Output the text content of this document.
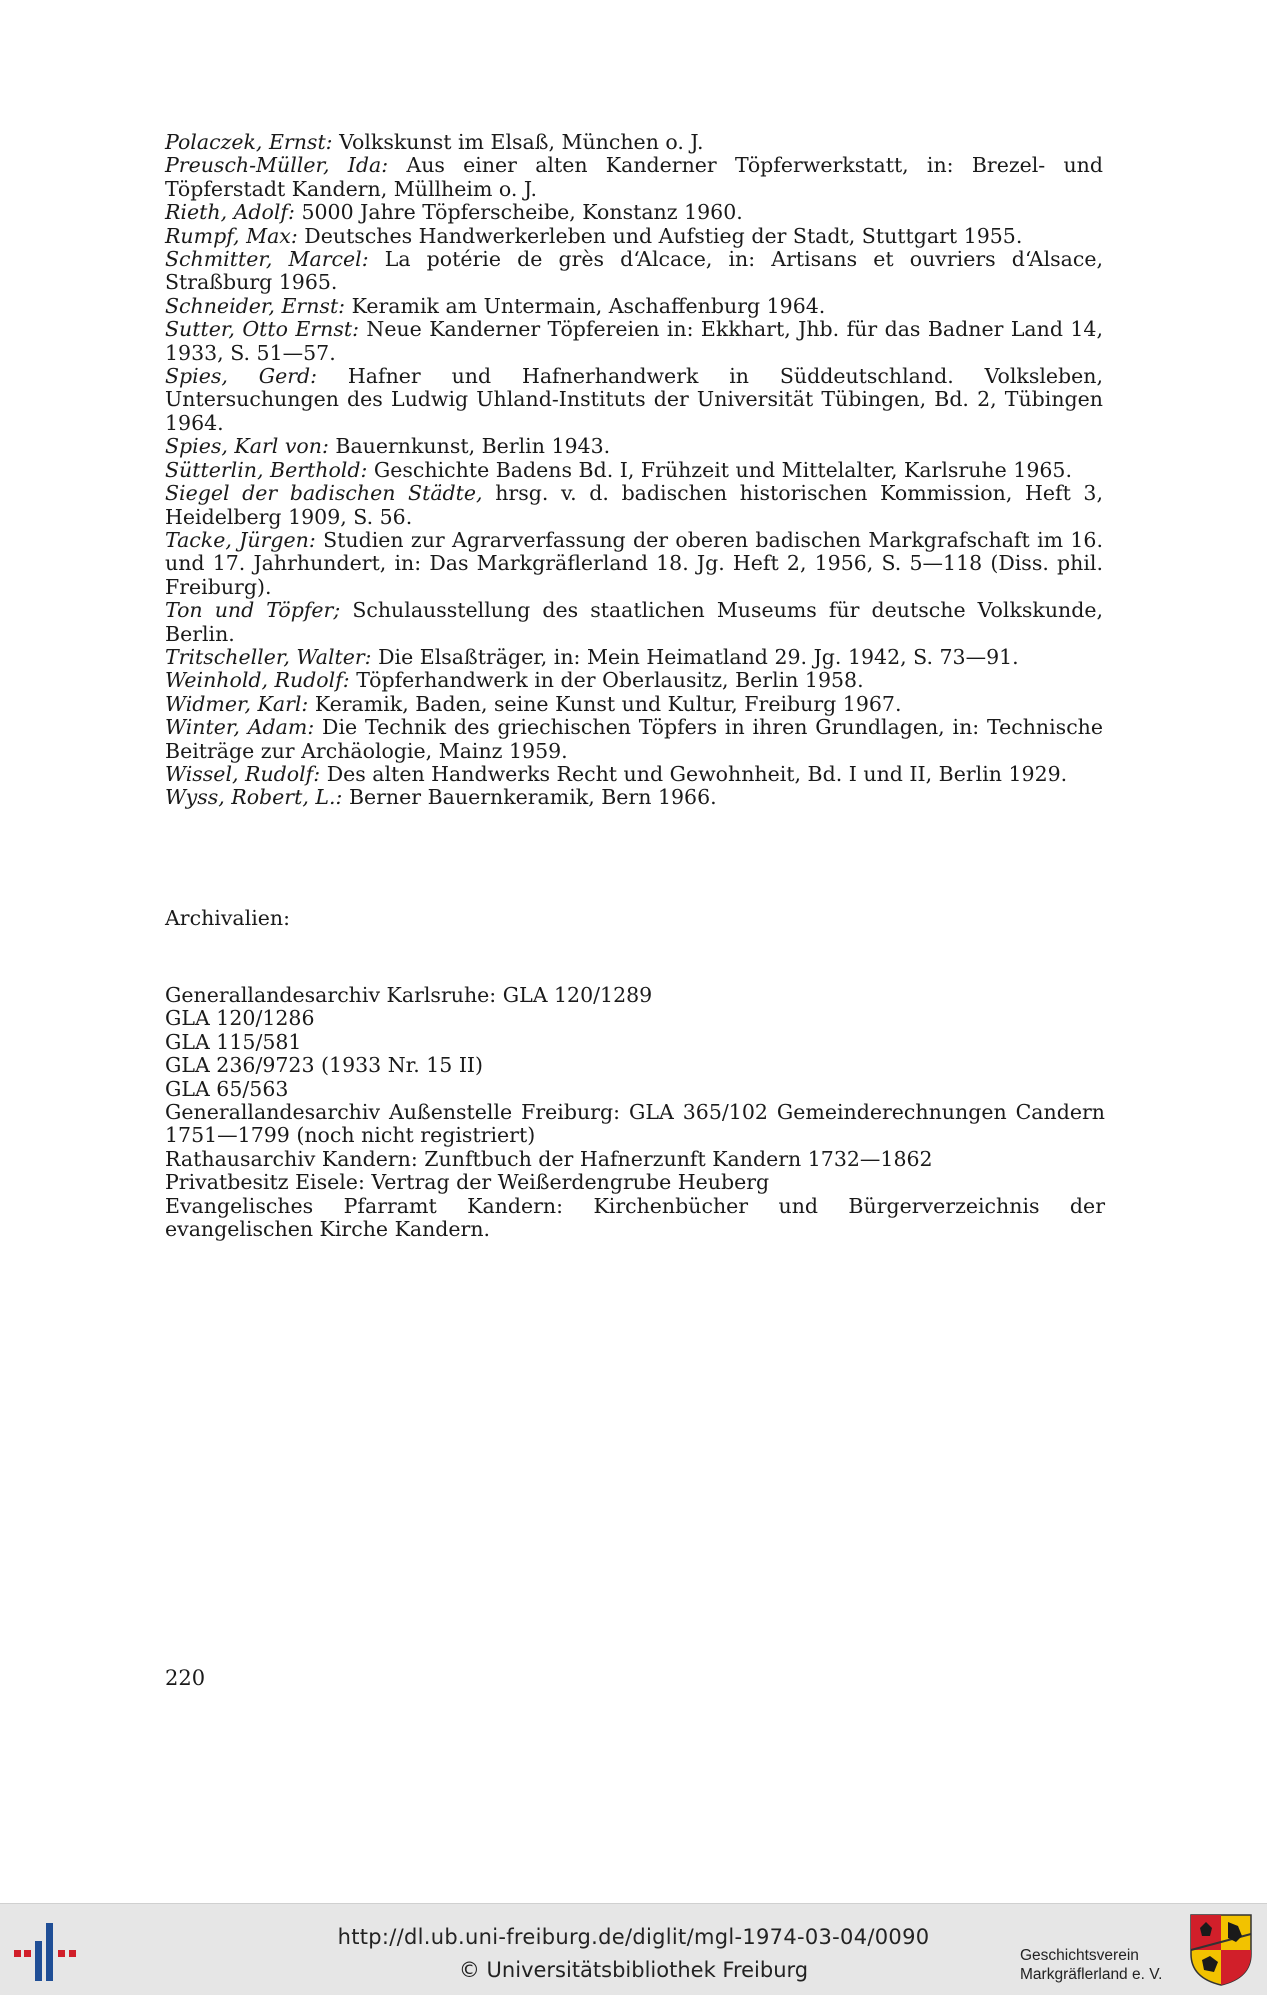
Polaczek, Ernst: Volkskunst im Elsaß, München o. J.

Preusch-Müller, Ida: Aus einer alten Kanderner Töpferwerkstatt, in: Brezel- und Töpferstadt Kandern, Müllheim o. J.

Rieth, Adolf: 5000 Jahre Töpferscheibe, Konstanz 1960.

Rumpf, Max: Deutsches Handwerkerleben und Aufstieg der Stadt, Stuttgart 1955.

Schmitter, Marcel: La potérie de grès d‘Alcace, in: Artisans et ouvriers d‘Alsace, Straßburg 1965.

Schneider, Ernst: Keramik am Untermain, Aschaffenburg 1964.

Sutter, Otto Ernst: Neue Kanderner Töpfereien in: Ekkhart, Jhb. für das Badner Land 14, 1933, S. 51—57.

Spies, Gerd: Hafner und Hafnerhandwerk in Süddeutschland. Volksleben, Untersuchungen des Ludwig Uhland-Instituts der Universität Tübingen, Bd. 2, Tübingen 1964.

Spies, Karl von: Bauernkunst, Berlin 1943.

Sütterlin, Berthold: Geschichte Badens Bd. I, Frühzeit und Mittelalter, Karlsruhe 1965.

Siegel der badischen Städte, hrsg. v. d. badischen historischen Kommission, Heft 3, Heidelberg 1909, S. 56.

Tacke, Jürgen: Studien zur Agrarverfassung der oberen badischen Markgrafschaft im 16. und 17. Jahrhundert, in: Das Markgräflerland 18. Jg. Heft 2, 1956, S. 5—118 (Diss. phil. Freiburg).

Ton und Töpfer; Schulausstellung des staatlichen Museums für deutsche Volkskunde, Berlin.

Tritscheller, Walter: Die Elsaßträger, in: Mein Heimatland 29. Jg. 1942, S. 73—91.

Weinhold, Rudolf: Töpferhandwerk in der Oberlausitz, Berlin 1958.

Widmer, Karl: Keramik, Baden, seine Kunst und Kultur, Freiburg 1967.

Winter, Adam: Die Technik des griechischen Töpfers in ihren Grundlagen, in: Technische Beiträge zur Archäologie, Mainz 1959.

Wissel, Rudolf: Des alten Handwerks Recht und Gewohnheit, Bd. I und II, Berlin 1929.

Wyss, Robert, L.: Berner Bauernkeramik, Bern 1966.

Archivalien:
Generallandesarchiv Karlsruhe: GLA 120/1289
GLA 120/1286
GLA 115/581
GLA 236/9723 (1933 Nr. 15 II)
GLA 65/563
Generallandesarchiv Außenstelle Freiburg: GLA 365/102 Gemeinderechnungen Candern 1751—1799 (noch nicht registriert)
Rathausarchiv Kandern: Zunftbuch der Hafnerzunft Kandern 1732—1862
Privatbesitz Eisele: Vertrag der Weißerdengrube Heuberg
Evangelisches Pfarramt Kandern: Kirchenbücher und Bürgerverzeichnis der evangelischen Kirche Kandern.
220
http://dl.ub.uni-freiburg.de/diglit/mgl-1974-03-04/0090
© Universitätsbibliothek Freiburg
Geschichtsverein
Markgräflerland e. V.
